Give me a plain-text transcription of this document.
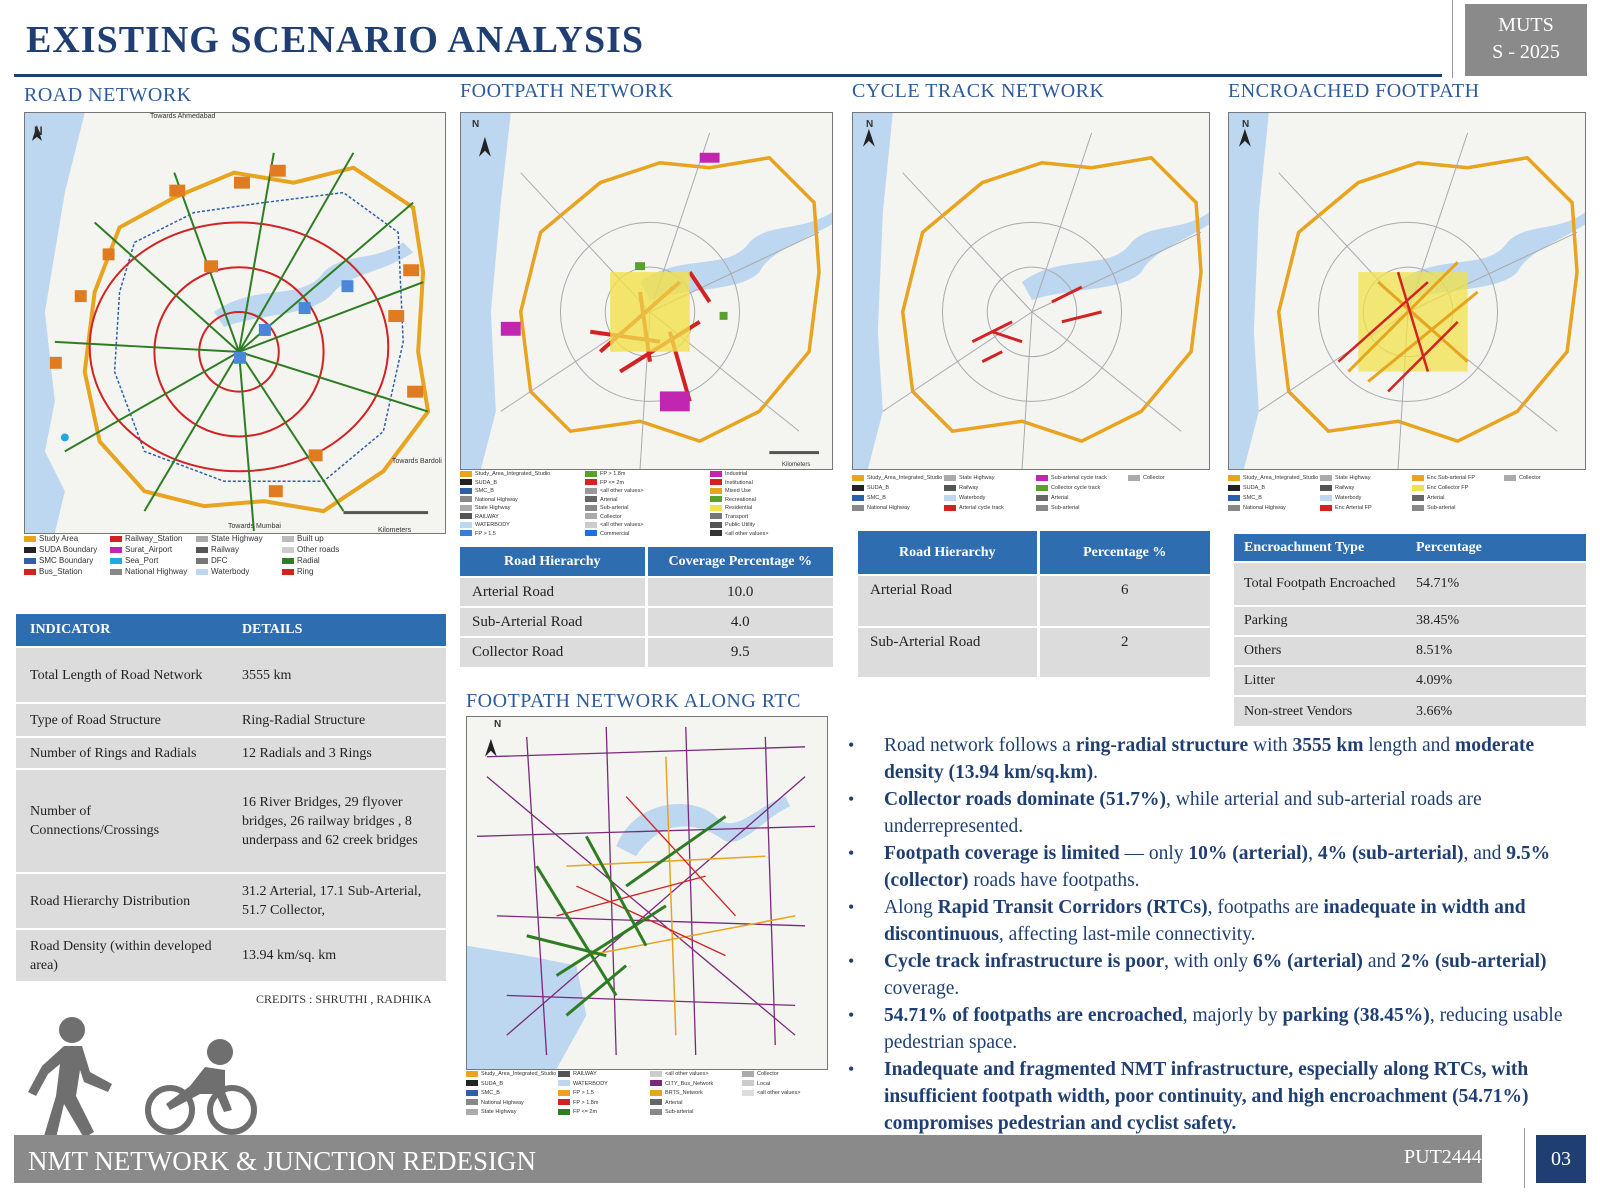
EXISTING SCENARIO ANALYSIS	MUTS
S - 2025
ROAD NETWORK	FOOTPATH NETWORK	CYCLE TRACK NETWORK	ENCROACHED FOOTPATH
FOOTPATH NETWORK ALONG RTC
Towards Ahmedabad
N
Towards Bardoli
Towards Mumbai
Kilometers
Study Area
SUDA Boundary
SMC Boundary
Bus_Station
Railway_Station
Surat_Airport
Sea_Port
National Highway
State Highway
Railway
DFC
Waterbody
Built up
Other roads
Radial
Ring
INDICATOR	DETAILS
Total Length of Road Network	3555 km
Type of Road Structure	Ring-Radial Structure
Number of Rings and Radials	12 Radials and 3 Rings
Number of Connections/Crossings	16 River Bridges, 29 flyover bridges, 26 railway bridges , 8 underpass and 62 creek bridges
Road Hierarchy Distribution	31.2 Arterial, 17.1 Sub-Arterial, 51.7 Collector,
Road Density (within developed area)	13.94 km/sq. km
CREDITS : SHRUTHI , RADHIKA
N
Kilometers
Study_Area_Integrated_Studio
SUDA_B
SMC_B
National Highway
State Highway
RAILWAY
WATERBODY
FP > 1.5
FP > 1.8m
FP <= 2m
<all other values>
Arterial
Sub-arterial
Collector
<all other values>
Commercial
Industrial
Institutional
Mixed Use
Recreational
Residential
Transport
Public Utility
<all other values>
Road Hierarchy	Coverage Percentage %
Arterial Road	10.0
Sub-Arterial Road	4.0
Collector Road	9.5
N
Study_Area_Integrated_Studio
SUDA_B
SMC_B
National Highway
State Highway
Railway
Waterbody
Arterial cycle track
Sub-arterial cycle track
Collector cycle track
Arterial
Sub-arterial
Collector
Road Hierarchy	Percentage %
Arterial Road	6
Sub-Arterial Road	2
N
Study_Area_Integrated_Studio
SUDA_B
SMC_B
National Highway
State Highway
Railway
Waterbody
Enc Arterial FP
Enc Sub-arterial FP
Enc Collector FP
Arterial
Sub-arterial
Collector
Encroachment Type	Percentage
Total Footpath Encroached	54.71%
Parking	38.45%
Others	8.51%
Litter	4.09%
Non-street Vendors	3.66%
N
Study_Area_Integrated_Studio
SUDA_B
SMC_B
National Highway
State Highway
RAILWAY
WATERBODY
FP > 1.5
FP > 1.8m
FP <= 2m
<all other values>
CITY_Bus_Network
BRTS_Network
Arterial
Sub-arterial
Collector
Local
<all other values>
• Road network follows a ring-radial structure with 3555 km length and moderate density (13.94 km/sq.km).
• Collector roads dominate (51.7%), while arterial and sub-arterial roads are underrepresented.
• Footpath coverage is limited — only 10% (arterial), 4% (sub-arterial), and 9.5% (collector) roads have footpaths.
• Along Rapid Transit Corridors (RTCs), footpaths are inadequate in width and discontinuous, affecting last-mile connectivity.
• Cycle track infrastructure is poor, with only 6% (arterial) and 2% (sub-arterial) coverage.
• 54.71% of footpaths are encroached, majorly by parking (38.45%), reducing usable pedestrian space.
• Inadequate and fragmented NMT infrastructure, especially along RTCs, with insufficient footpath width, poor continuity, and high encroachment (54.71%) compromises pedestrian and cyclist safety.
NMT NETWORK & JUNCTION REDESIGN	PUT24445	03
